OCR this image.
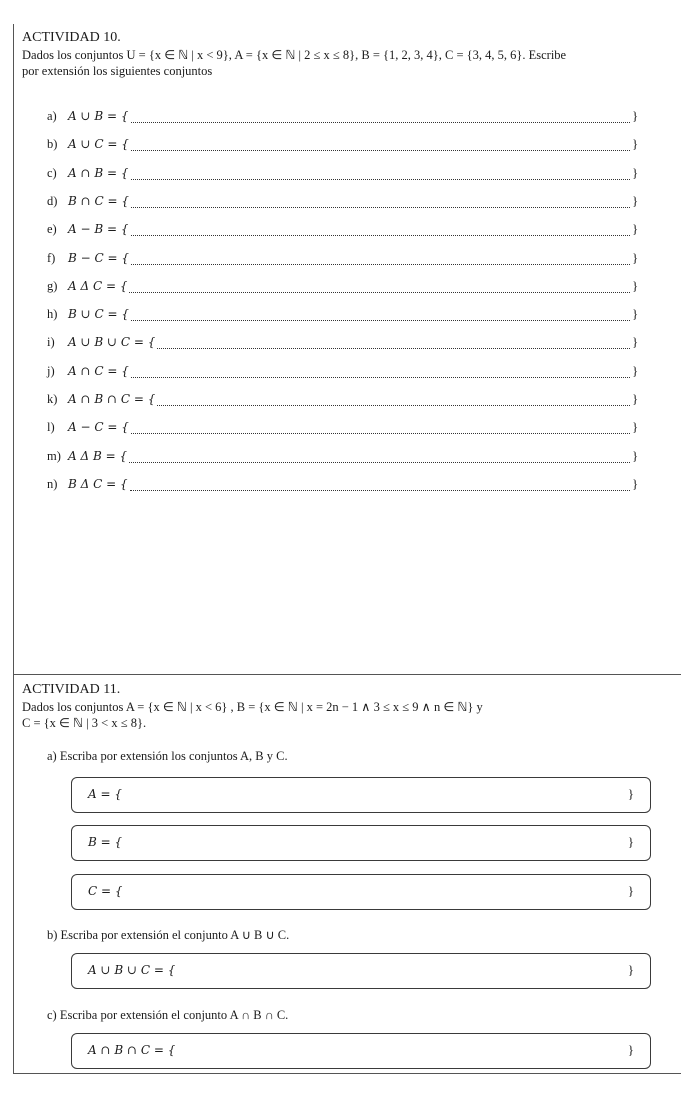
ACTIVIDAD 10.
Dados los conjuntos U = {x ∈ ℕ | x < 9}, A = {x ∈ ℕ | 2 ≤ x ≤ 8}, B = {1, 2, 3, 4}, C = {3, 4, 5, 6}. Escribe
por extensión los siguientes conjuntos
a) A ∪ B = {	}
b) A ∪ C = {	}
c) A ∩ B = {	}
d) B ∩ C = {	}
e) A − B = {	}
f) B − C = {	}
g) A Δ C = {	}
h) B ∪ C = {	}
i) A ∪ B ∪ C = {	}
j) A ∩ C = {	}
k) A ∩ B ∩ C = {	}
l) A − C = {	}
m) A Δ B = {	}
n) B Δ C = {	}
ACTIVIDAD 11.
Dados los conjuntos A = {x ∈ ℕ | x < 6} , B = {x ∈ ℕ | x = 2n − 1 ∧ 3 ≤ x ≤ 9 ∧ n ∈ ℕ} y
C = {x ∈ ℕ | 3 < x ≤ 8}.
a) Escriba por extensión los conjuntos A, B y C.
A = {	}
B = {	}
C = {	}
b) Escriba por extensión el conjunto A ∪ B ∪ C.
A ∪ B ∪ C = {	}
c) Escriba por extensión el conjunto A ∩ B ∩ C.
A ∩ B ∩ C = {	}
